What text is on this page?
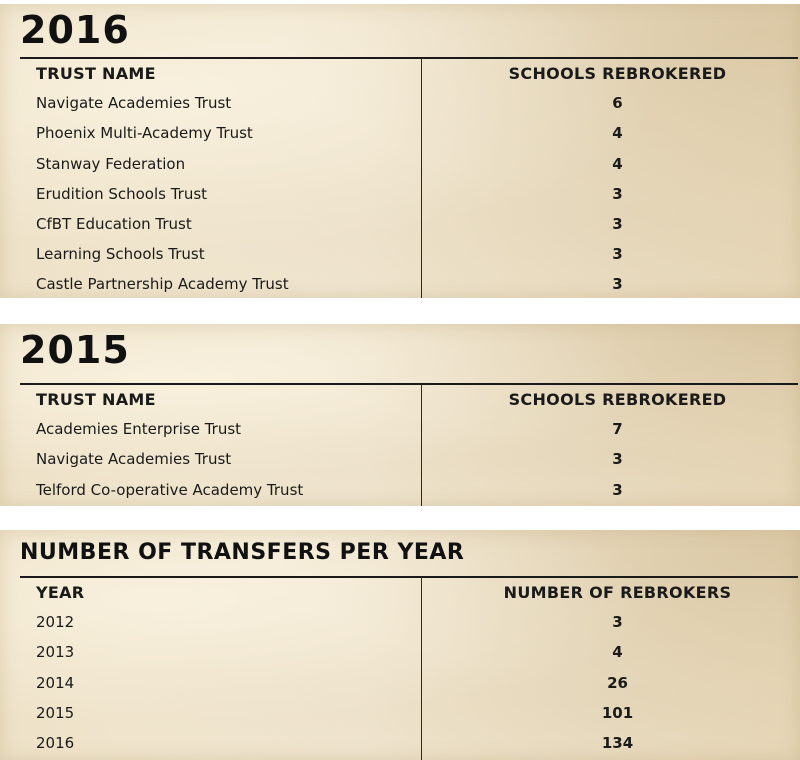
2016
TRUST NAME	SCHOOLS REBROKERED
Navigate Academies Trust	6
Phoenix Multi-Academy Trust	4
Stanway Federation	4
Erudition Schools Trust	3
CfBT Education Trust	3
Learning Schools Trust	3
Castle Partnership Academy Trust	3
2015
TRUST NAME	SCHOOLS REBROKERED
Academies Enterprise Trust	7
Navigate Academies Trust	3
Telford Co-operative Academy Trust	3
NUMBER OF TRANSFERS PER YEAR
YEAR	NUMBER OF REBROKERS
2012	3
2013	4
2014	26
2015	101
2016	134
